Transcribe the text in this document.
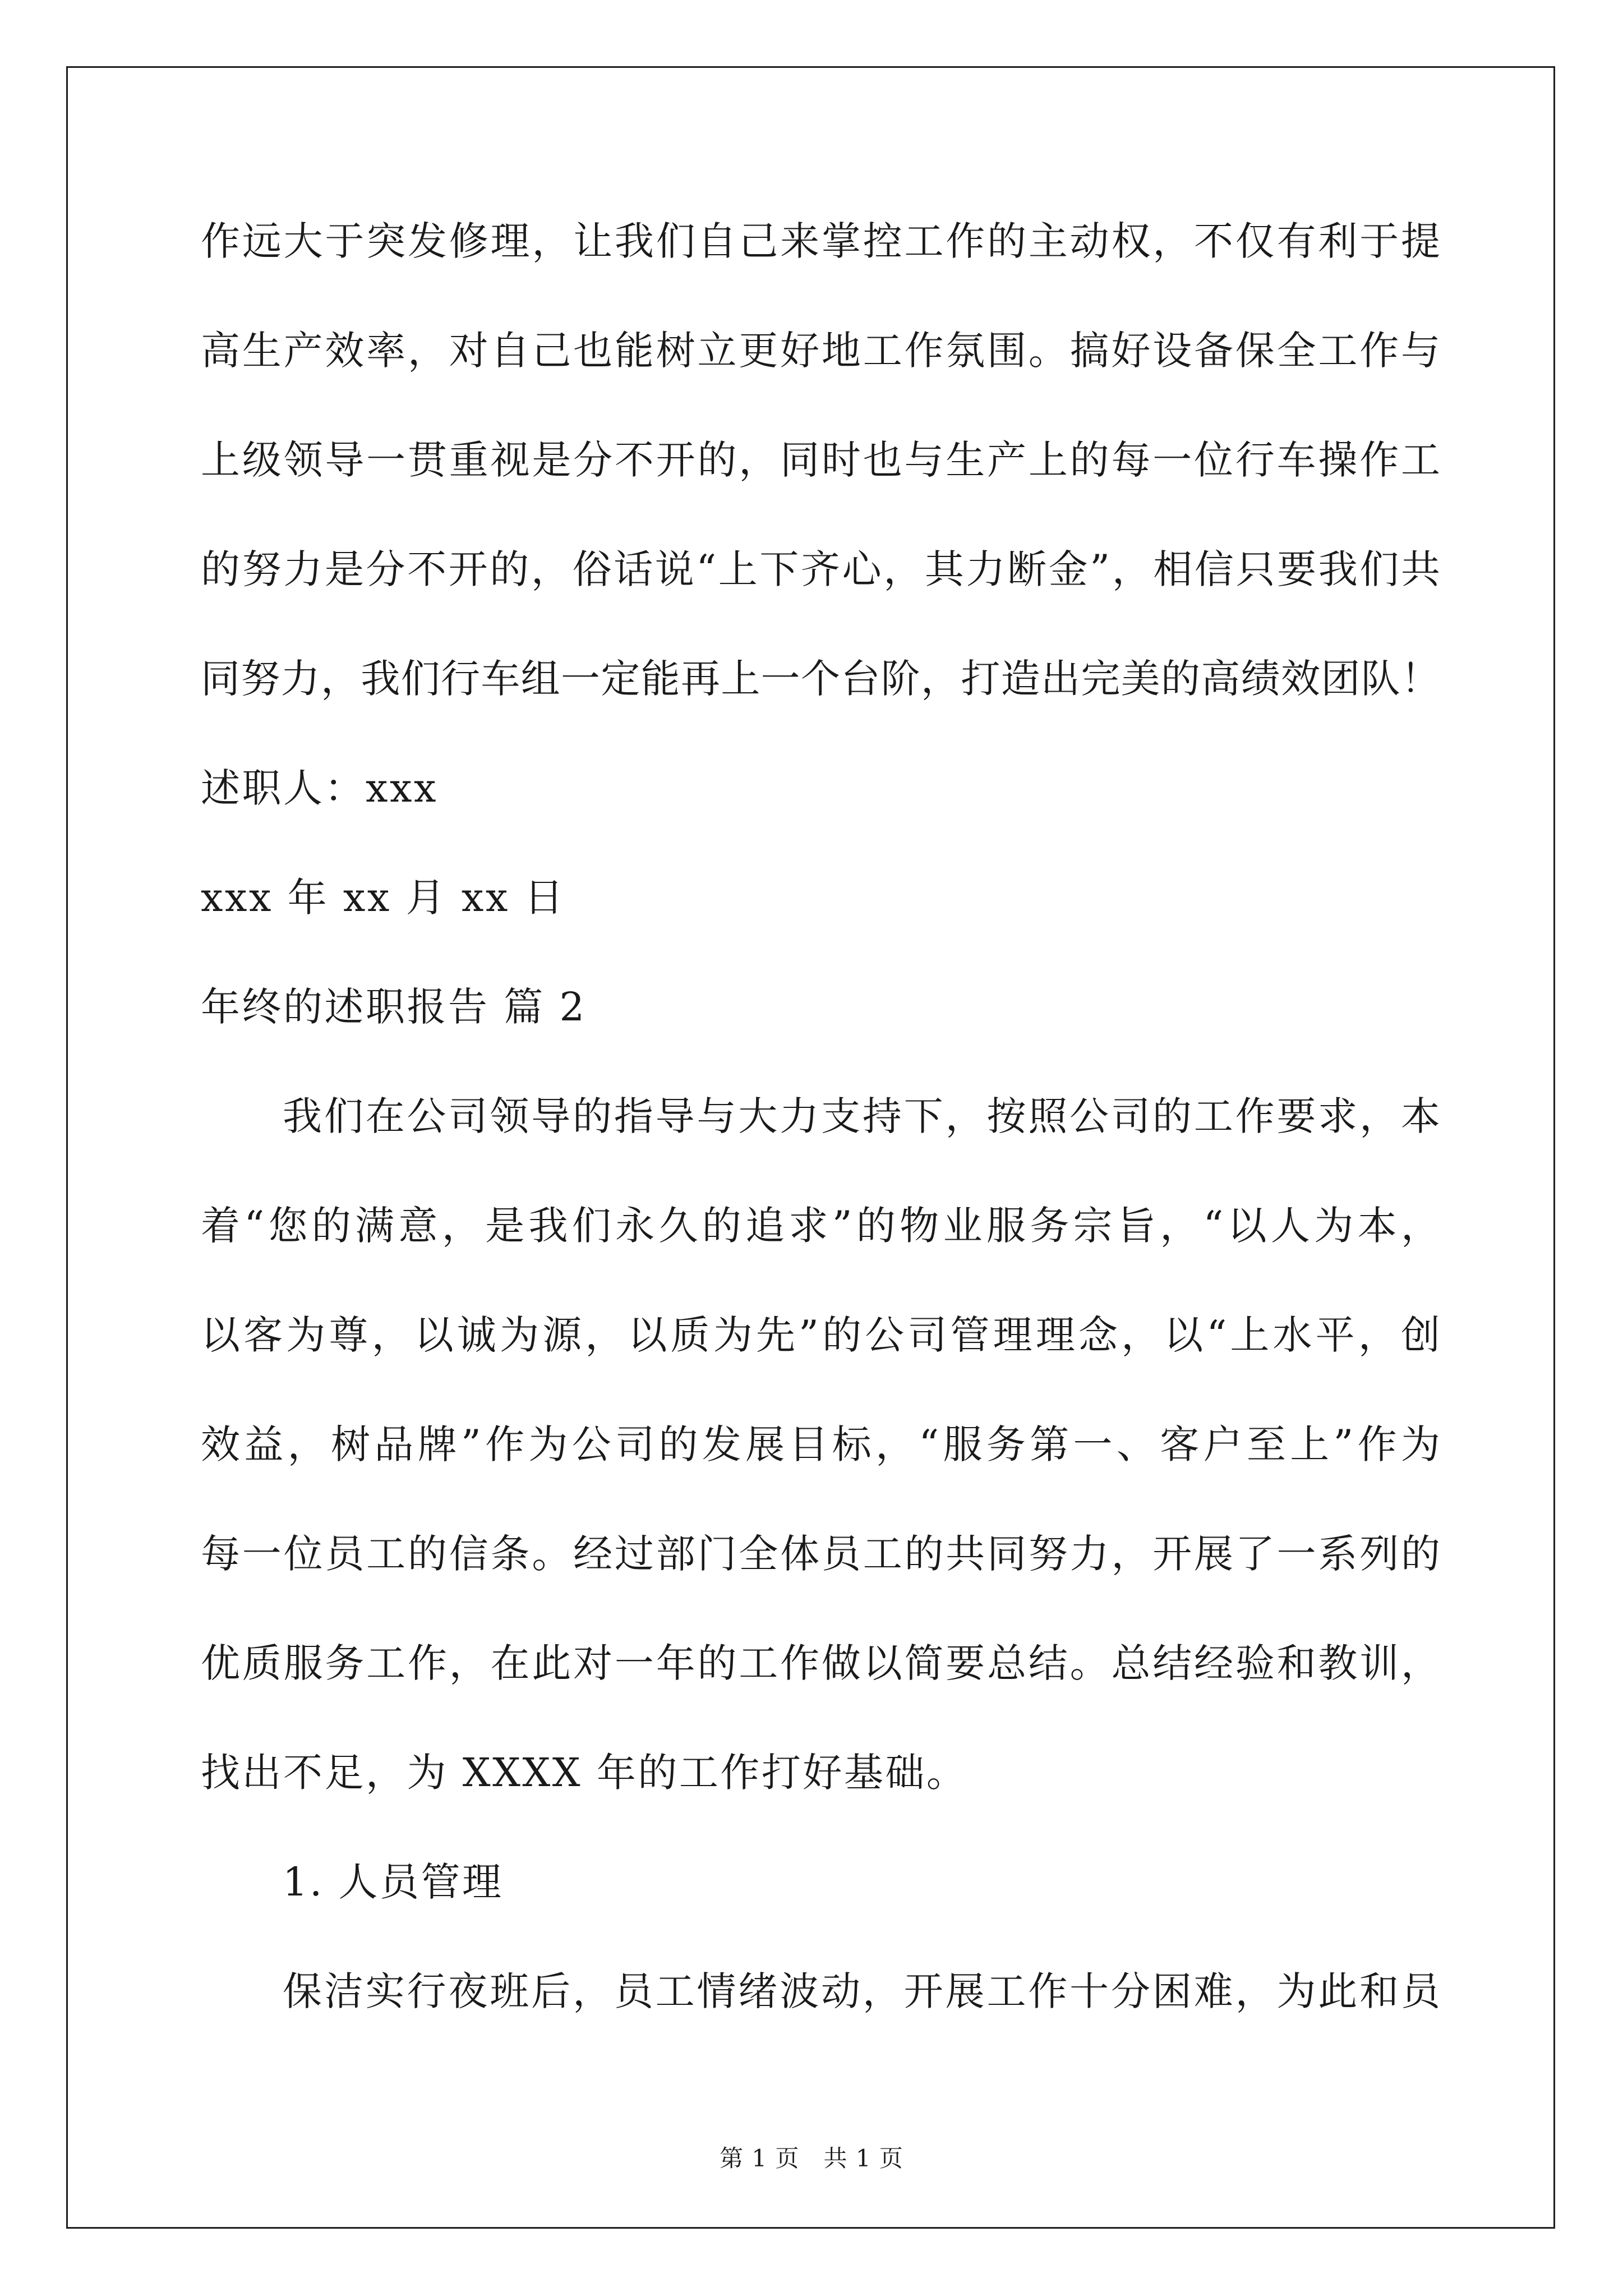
作远大于突发修理，让我们自己来掌控工作的主动权，不仅有利于提
高生产效率，对自己也能树立更好地工作氛围。搞好设备保全工作与
上级领导一贯重视是分不开的，同时也与生产上的每一位行车操作工
的努力是分不开的，俗话说“上下齐心，其力断金”，相信只要我们共
同努力，我们行车组一定能再上一个台阶，打造出完美的高绩效团队！
述职人：xxx
xxx 年 xx 月 xx 日
年终的述职报告 篇 2
我们在公司领导的指导与大力支持下，按照公司的工作要求，本
着“您的满意，是我们永久的追求”的物业服务宗旨，“以人为本，
以客为尊，以诚为源，以质为先”的公司管理理念，以“上水平，创
效益，树品牌”作为公司的发展目标，“服务第一、客户至上”作为
每一位员工的信条。经过部门全体员工的共同努力，开展了一系列的
优质服务工作，在此对一年的工作做以简要总结。总结经验和教训，
找出不足，为 XXXX 年的工作打好基础。
1. 人员管理
保洁实行夜班后，员工情绪波动，开展工作十分困难，为此和员
第 1 页　共 1 页
